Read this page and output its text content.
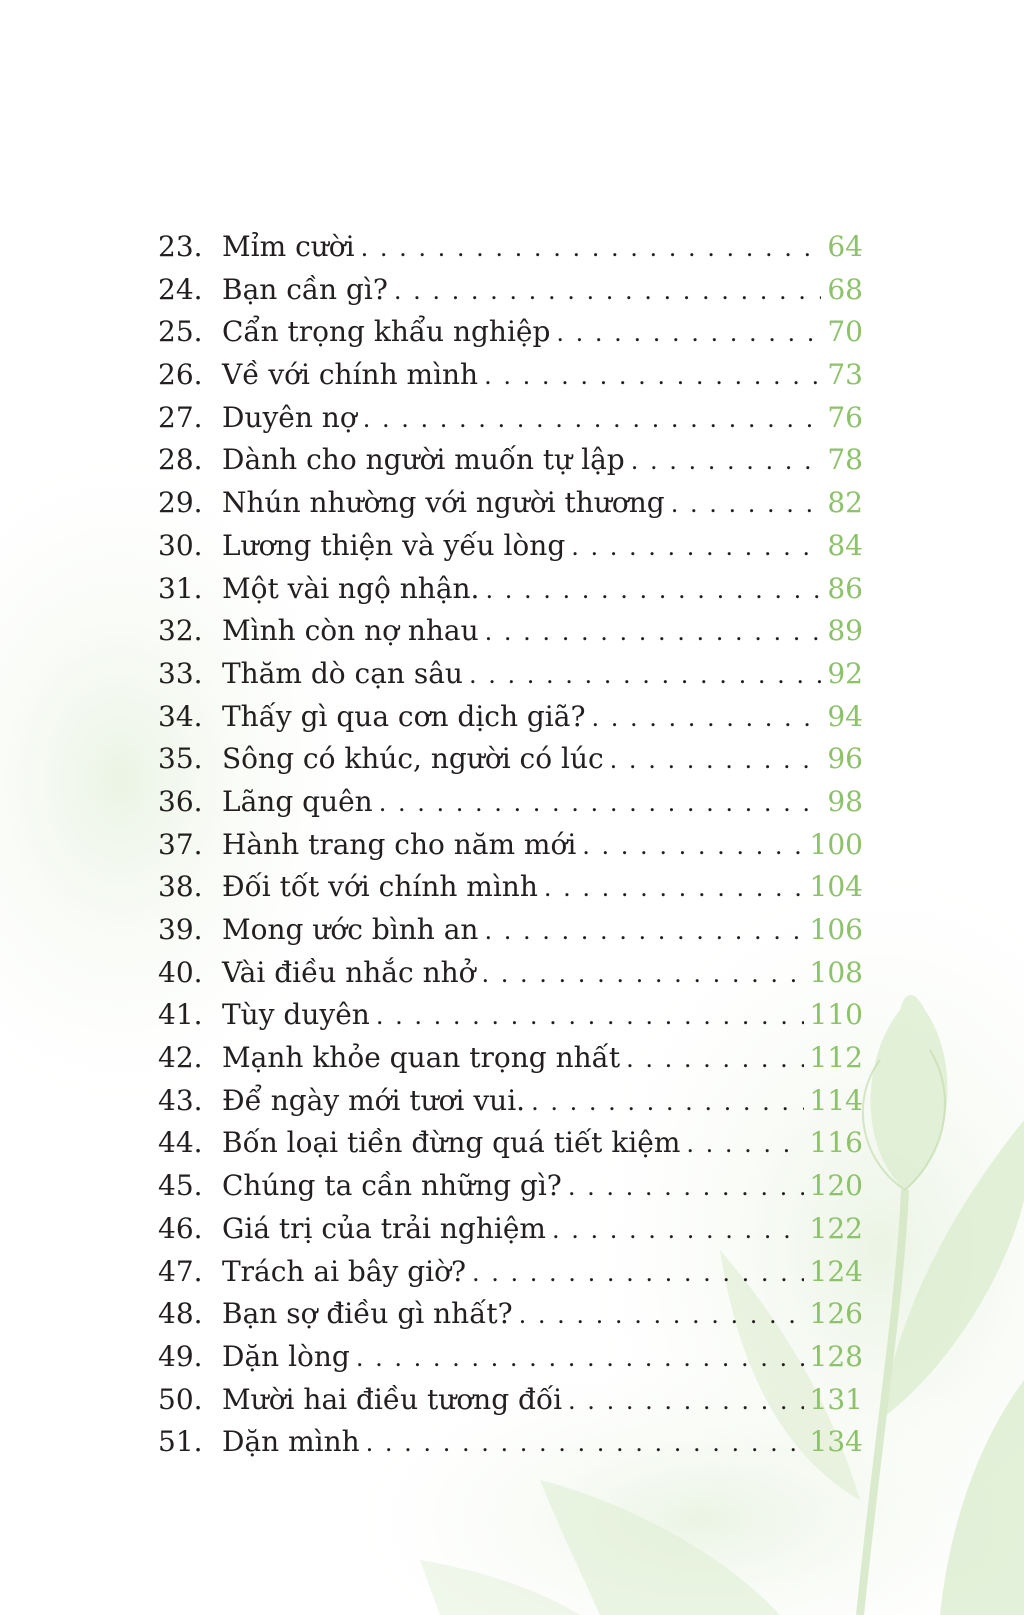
23. Mỉm cười . . .	64
24. Bạn cần gì? . . .	68
25. Cẩn trọng khẩu nghiệp . . .	70
26. Về với chính mình . . .	73
27. Duyên nợ . . .	76
28. Dành cho người muốn tự lập . . .	78
29. Nhún nhường với người thương . . .	82
30. Lương thiện và yếu lòng . . .	84
31. Một vài ngộ nhận. . . .	86
32. Mình còn nợ nhau . . .	89
33. Thăm dò cạn sâu . . .	92
34. Thấy gì qua cơn dịch giã? . . .	94
35. Sông có khúc, người có lúc . . .	96
36. Lãng quên . . .	98
37. Hành trang cho năm mới . . .	100
38. Đối tốt với chính mình . . .	104
39. Mong ước bình an . . .	106
40. Vài điều nhắc nhở . . .	108
41. Tùy duyên . . .	110
42. Mạnh khỏe quan trọng nhất . . .	112
43. Để ngày mới tươi vui. . . .	114
44. Bốn loại tiền đừng quá tiết kiệm . . .	116
45. Chúng ta cần những gì? . . .	120
46. Giá trị của trải nghiệm . . .	122
47. Trách ai bây giờ? . . .	124
48. Bạn sợ điều gì nhất? . . .	126
49. Dặn lòng . . .	128
50. Mười hai điều tương đối . . .	131
51. Dặn mình . . .	134
